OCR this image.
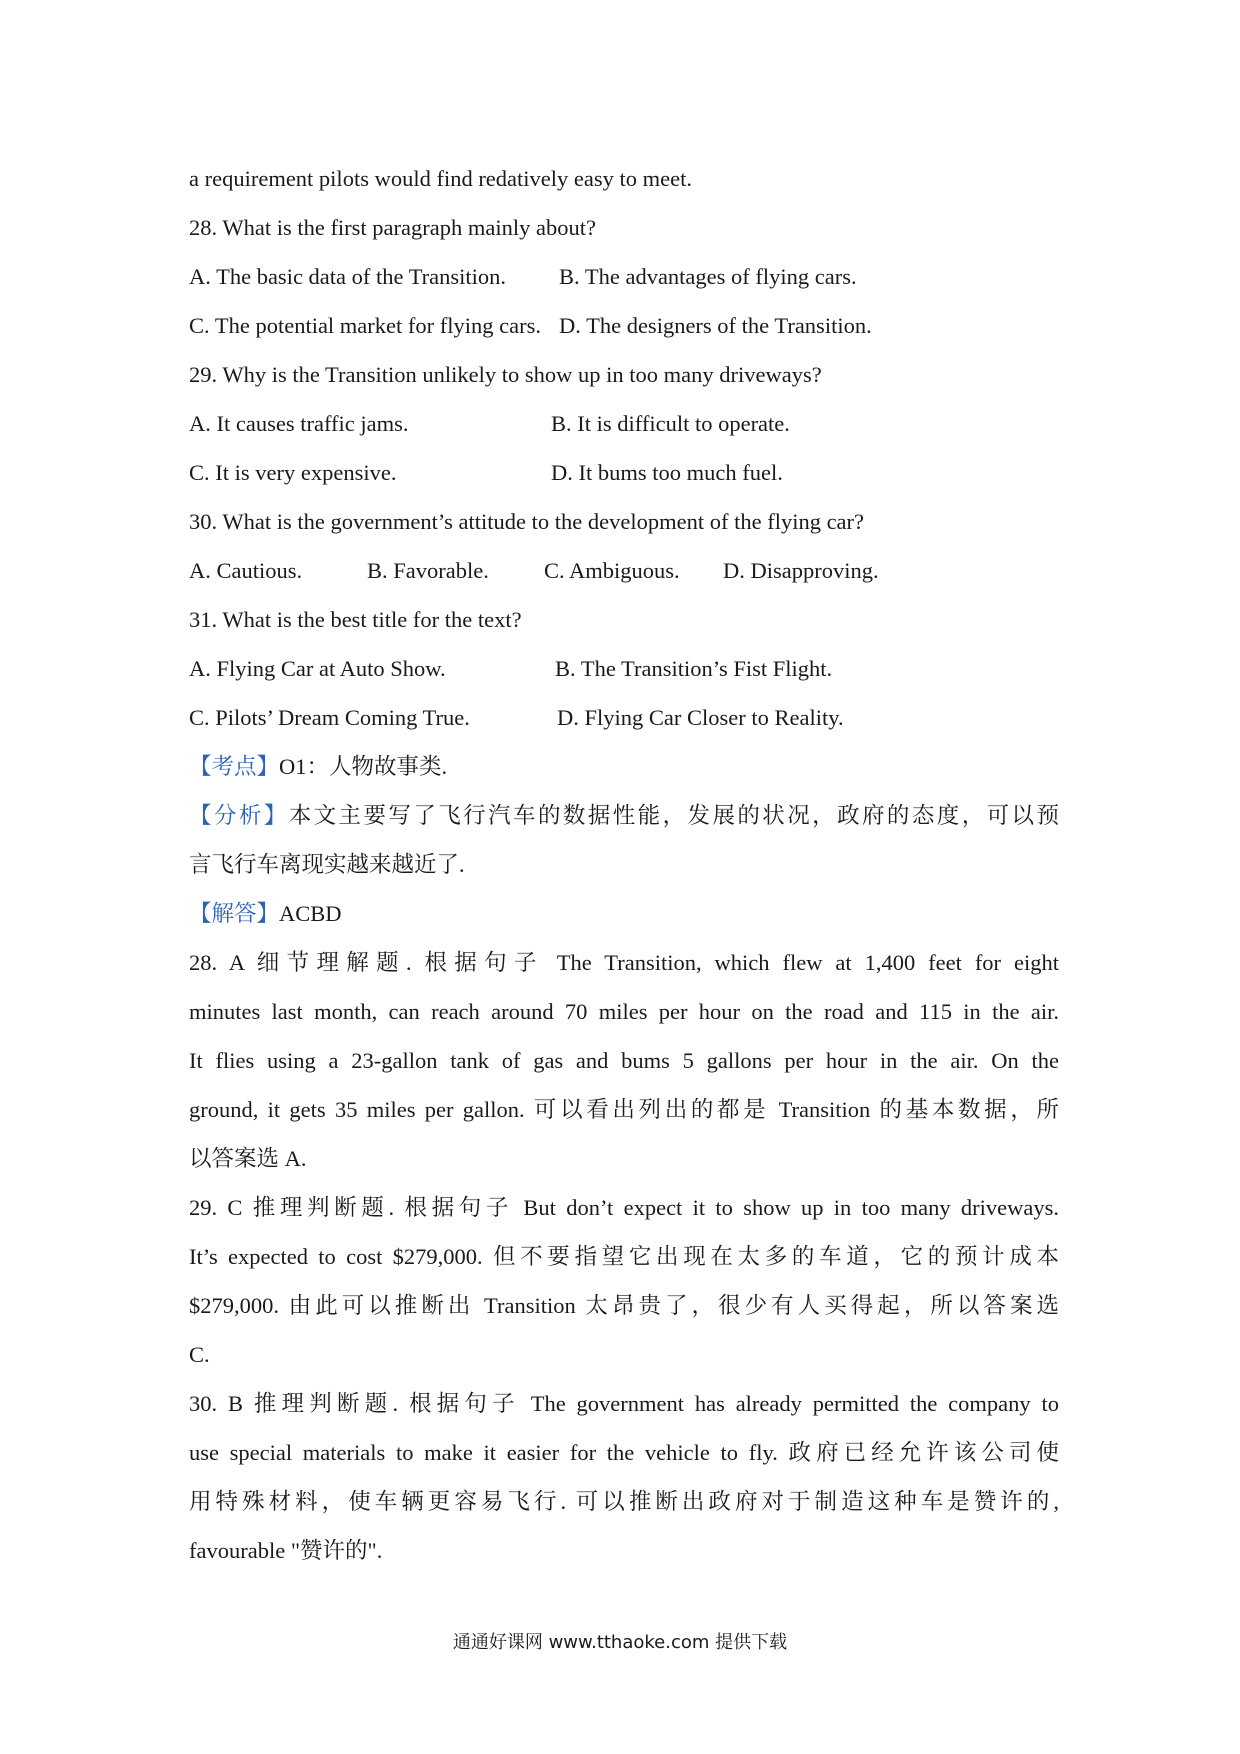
a requirement pilots would find redatively easy to meet.
28. What is the first paragraph mainly about?
A. The basic data of the Transition.	B. The advantages of flying cars.
C. The potential market for flying cars. D. The designers of the Transition.
29. Why is the Transition unlikely to show up in too many driveways?
A. It causes traffic jams.	B. It is difficult to operate.
C. It is very expensive.	D. It bums too much fuel.
30. What is the government’s attitude to the development of the flying car?
A. Cautious.	B. Favorable.	C. Ambiguous.	D. Disapproving.
31. What is the best title for the text?
A. Flying Car at Auto Show.	B. The Transition’s Fist Flight.
C. Pilots’ Dream Coming True.	D. Flying Car Closer to Reality.
【考点】O1：人物故事类.
【分析】本文主要写了飞行汽车的数据性能，发展的状况，政府的态度，可以预
言飞行车离现实越来越近了.
【解答】ACBD
28. A 细节理解题. 根据句子 The Transition, which flew at 1,400 feet for eight
minutes last month, can reach around 70 miles per hour on the road and 115 in the air.
It flies using a 23-gallon tank of gas and bums 5 gallons per hour in the air. On the
ground, it gets 35 miles per gallon. 可以看出列出的都是 Transition 的基本数据，所
以答案选 A.
29. C 推理判断题. 根据句子 But don’t expect it to show up in too many driveways.
It’s expected to cost $279,000. 但不要指望它出现在太多的车道，它的预计成本
$279,000. 由此可以推断出 Transition 太昂贵了，很少有人买得起，所以答案选
C.
30. B 推理判断题. 根据句子 The government has already permitted the company to
use special materials to make it easier for the vehicle to fly. 政府已经允许该公司使
用特殊材料，使车辆更容易飞行. 可以推断出政府对于制造这种车是赞许的,
favourable "赞许的".
通通好课网 www.tthaoke.com 提供下载
